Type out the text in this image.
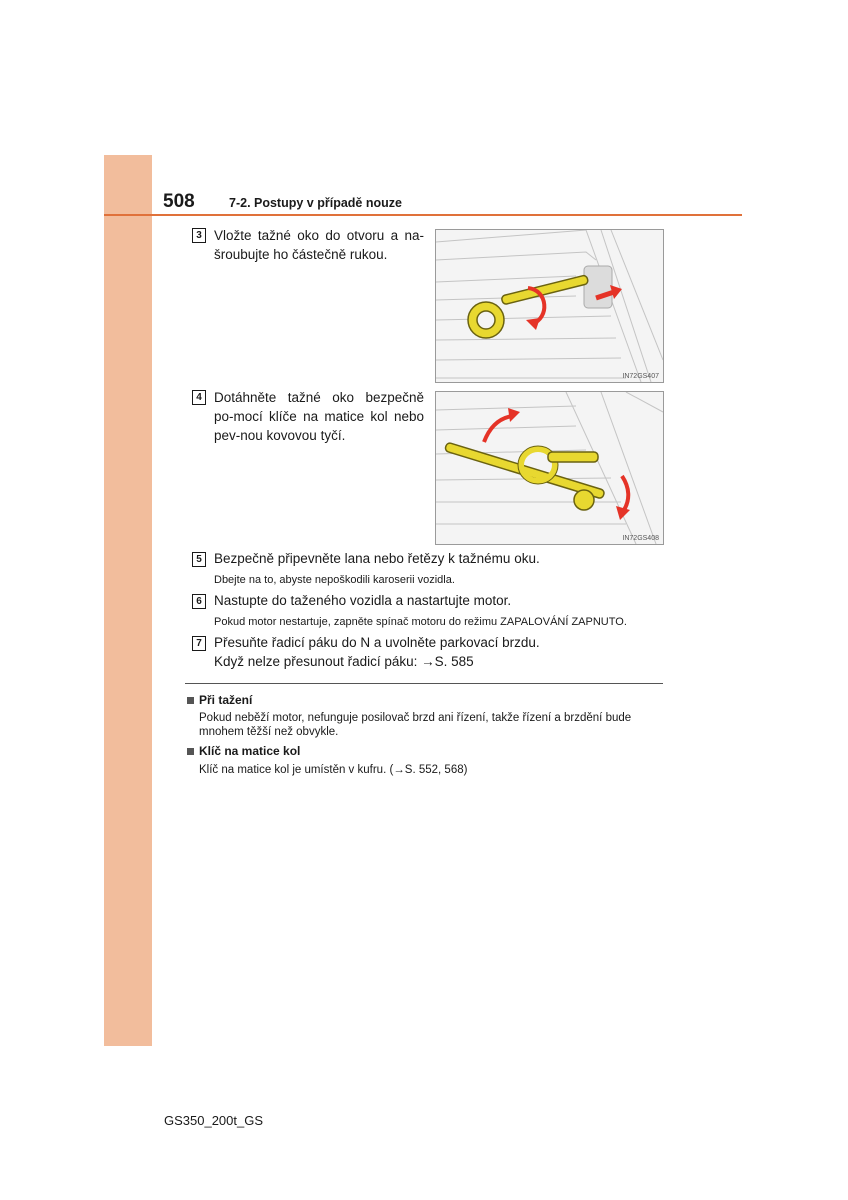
508	7-2. Postupy v případě nouze
3 Vložte tažné oko do otvoru a na-šroubujte ho částečně rukou.
IN72GS407
4 Dotáhněte tažné oko bezpečně po-mocí klíče na matice kol nebo pev-nou kovovou tyčí.
IN72GS408
5 Bezpečně připevněte lana nebo řetězy k tažnému oku.
Dbejte na to, abyste nepoškodili karoserii vozidla.
6 Nastupte do taženého vozidla a nastartujte motor.
Pokud motor nestartuje, zapněte spínač motoru do režimu ZAPALOVÁNÍ ZAPNUTO.
7 Přesuňte řadicí páku do N a uvolněte parkovací brzdu.
Když nelze přesunout řadicí páku: →S. 585
Při tažení
Pokud neběží motor, nefunguje posilovač brzd ani řízení, takže řízení a brzdění bude mnohem těžší než obvykle.
Klíč na matice kol
Klíč na matice kol je umístěn v kufru. (→S. 552, 568)
GS350_200t_GS
